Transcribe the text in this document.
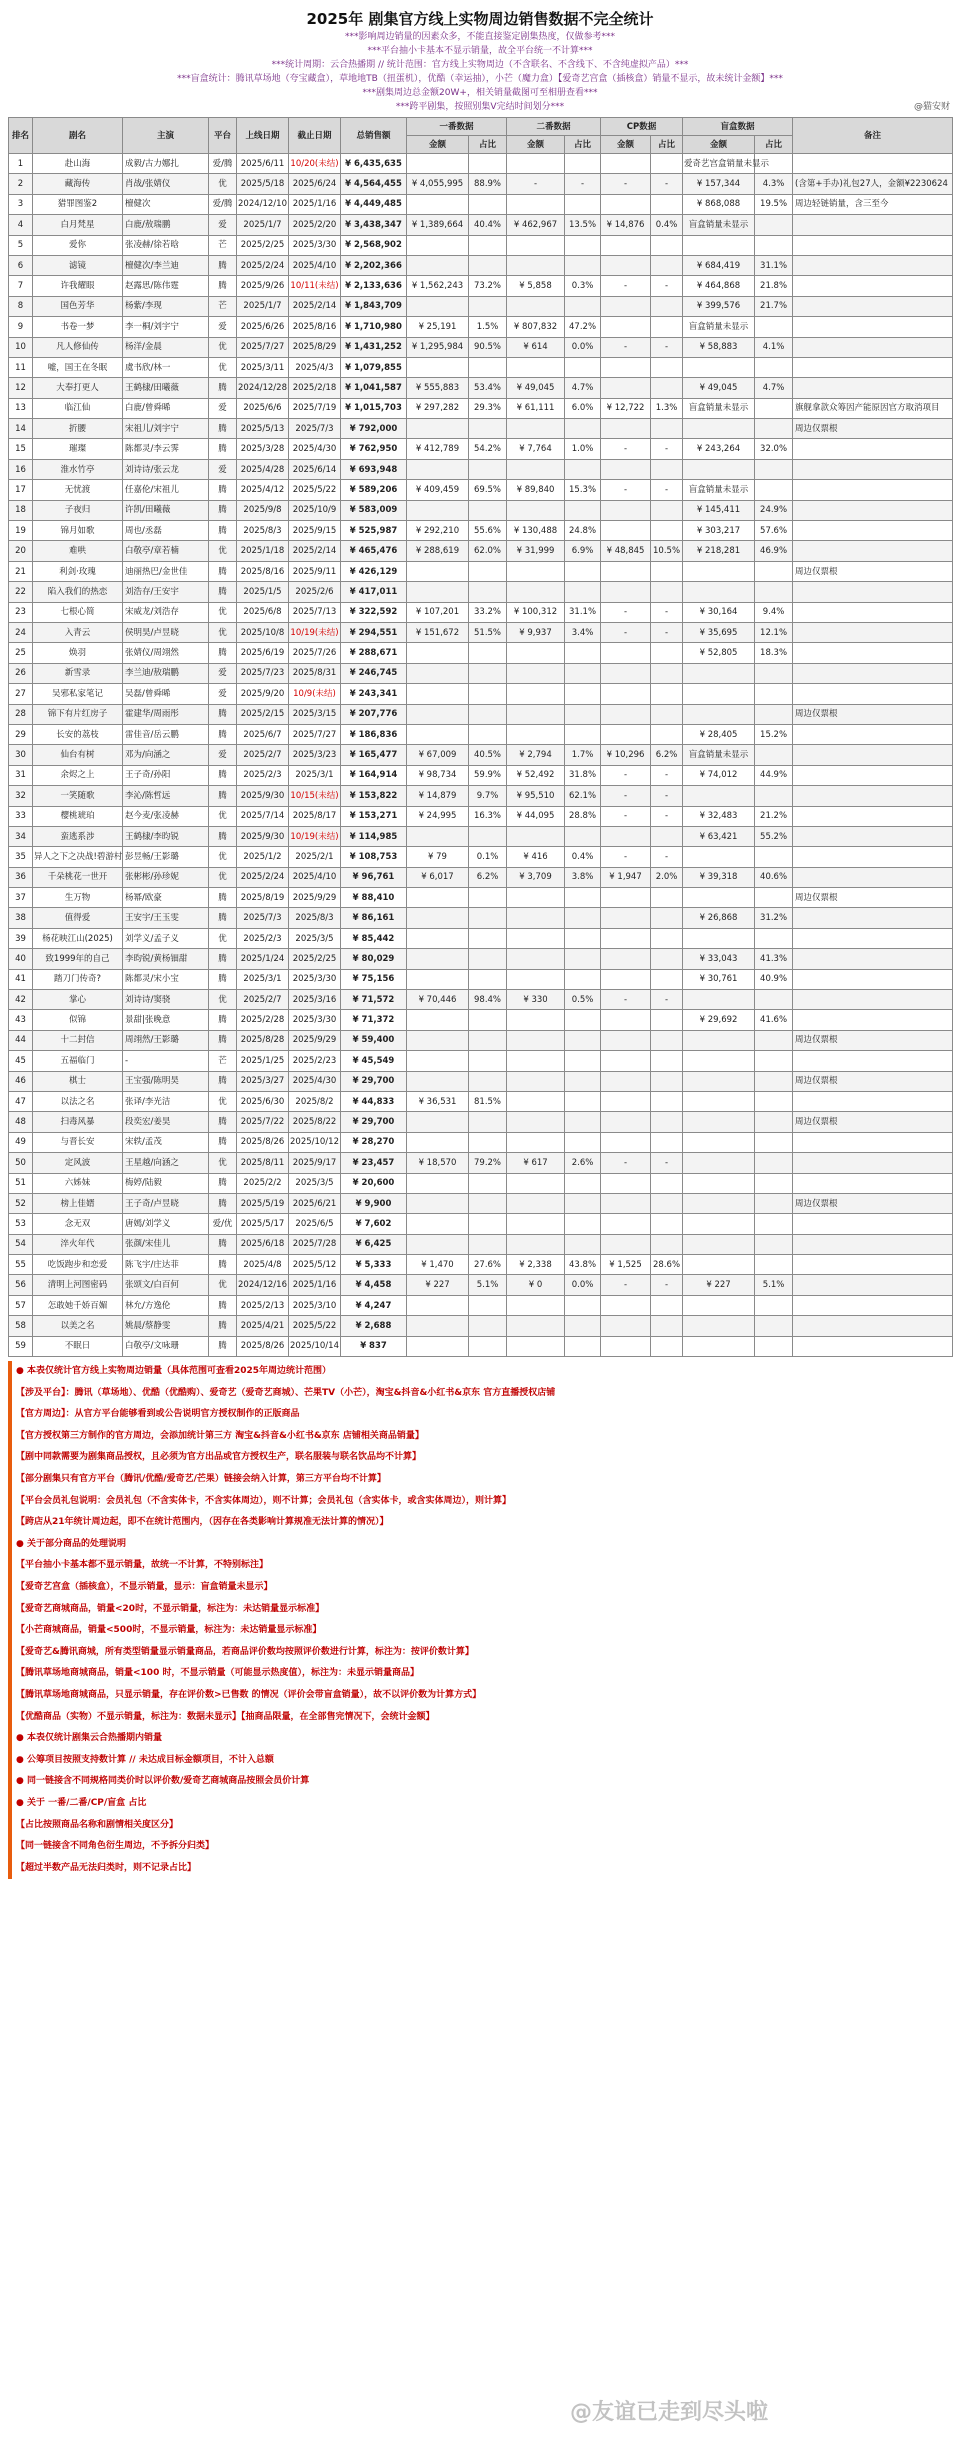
2025年 剧集官方线上实物周边销售数据不完全统计
***影响周边销量的因素众多，不能直接鉴定剧集热度，仅做参考***
***平台抽小卡基本不显示销量，故全平台统一不计算***
***统计周期：云合热播期 // 统计范围：官方线上实物周边（不含联名、不含线下、不含纯虚拟产品）***
***盲盒统计：腾讯草场地（夸宝藏盒），草地地TB（扭蛋机），优酷（幸运抽），小芒（魔力盒）【爱奇艺宫盒（插核盒）销量不显示，故未统计金额】***
***剧集周边总金额20W+，相关销量截图可至相册查看***
***跨平剧集，按照别集V完结时间划分***	@猫安财
排名	剧名	主演	平台	上线日期	截止日期	总销售额	一番数据		二番数据		CP数据		盲盒数据		备注
							金额	占比	金额	占比	金额	占比	金额	占比	
1	赴山海	成毅/古力娜扎	爱/腾	2025/6/11	10/20(未结)	¥ 6,435,635							爱奇艺宫盒销量未显示		
2	藏海传	肖战/张婧仪	优	2025/5/18	2025/6/24	¥ 4,564,455	¥ 4,055,995	88.9%	-	-	-	-	¥ 157,344	4.3%	(含第+手办)礼包27人，金额¥2230624
3	猎罪图鉴2	檀健次	爱/腾	2024/12/10	2025/1/16	¥ 4,449,485							¥ 868,088	19.5%	周边轻链销量，含三至今
4	白月梵星	白鹿/敖瑞鹏	爱	2025/1/7	2025/2/20	¥ 3,438,347	¥ 1,389,664	40.4%	¥ 462,967	13.5%	¥ 14,876	0.4%	盲盒销量未显示		
5	爱你	张凌赫/徐若晗	芒	2025/2/25	2025/3/30	¥ 2,568,902									
6	滤镜	檀健次/李兰迪	腾	2025/2/24	2025/4/10	¥ 2,202,366							¥ 684,419	31.1%	
7	许我耀眼	赵露思/陈伟霆	腾	2025/9/26	10/11(未结)	¥ 2,133,636	¥ 1,562,243	73.2%	¥ 5,858	0.3%	-	-	¥ 464,868	21.8%	
8	国色芳华	杨紫/李现	芒	2025/1/7	2025/2/14	¥ 1,843,709							¥ 399,576	21.7%	
9	书卷一梦	李一桐/刘宇宁	爱	2025/6/26	2025/8/16	¥ 1,710,980	¥ 25,191	1.5%	¥ 807,832	47.2%			盲盒销量未显示		
10	凡人修仙传	杨洋/金晨	优	2025/7/27	2025/8/29	¥ 1,431,252	¥ 1,295,984	90.5%	¥ 614	0.0%	-	-	¥ 58,883	4.1%	
11	嘘，国王在冬眠	虞书欣/林一	优	2025/3/11	2025/4/3	¥ 1,079,855									
12	大奉打更人	王鹤棣/田曦薇	腾	2024/12/28	2025/2/18	¥ 1,041,587	¥ 555,883	53.4%	¥ 49,045	4.7%			¥ 49,045	4.7%	
13	临江仙	白鹿/曾舜晞	爱	2025/6/6	2025/7/19	¥ 1,015,703	¥ 297,282	29.3%	¥ 61,111	6.0%	¥ 12,722	1.3%	盲盒销量未显示		旗舰拿款众筹因产能原因官方取消项目
14	折腰	宋祖儿/刘宇宁	腾	2025/5/13	2025/7/3	¥ 792,000									周边仅票根
15	璀璨	陈都灵/李云霁	腾	2025/3/28	2025/4/30	¥ 762,950	¥ 412,789	54.2%	¥ 7,764	1.0%	-	-	¥ 243,264	32.0%	
16	淮水竹亭	刘诗诗/张云龙	爱	2025/4/28	2025/6/14	¥ 693,948									
17	无忧渡	任嘉伦/宋祖儿	腾	2025/4/12	2025/5/22	¥ 589,206	¥ 409,459	69.5%	¥ 89,840	15.3%	-	-	盲盒销量未显示		
18	子夜归	许凯/田曦薇	腾	2025/9/8	2025/10/9	¥ 583,009							¥ 145,411	24.9%	
19	锦月如歌	周也/丞磊	腾	2025/8/3	2025/9/15	¥ 525,987	¥ 292,210	55.6%	¥ 130,488	24.8%			¥ 303,217	57.6%	
20	难哄	白敬亭/章若楠	优	2025/1/18	2025/2/14	¥ 465,476	¥ 288,619	62.0%	¥ 31,999	6.9%	¥ 48,845	10.5%	¥ 218,281	46.9%	
21	利剑·玫瑰	迪丽热巴/金世佳	腾	2025/8/16	2025/9/11	¥ 426,129									周边仅票根
22	陷入我们的热恋	刘浩存/王安宇	腾	2025/1/5	2025/2/6	¥ 417,011									
23	七根心简	宋威龙/刘浩存	优	2025/6/8	2025/7/13	¥ 322,592	¥ 107,201	33.2%	¥ 100,312	31.1%	-	-	¥ 30,164	9.4%	
24	入青云	侯明昊/卢昱晓	优	2025/10/8	10/19(未结)	¥ 294,551	¥ 151,672	51.5%	¥ 9,937	3.4%	-	-	¥ 35,695	12.1%	
25	焕羽	张婧仪/周翊然	腾	2025/6/19	2025/7/26	¥ 288,671							¥ 52,805	18.3%	
26	新雪录	李兰迪/敖瑞鹏	爱	2025/7/23	2025/8/31	¥ 246,745									
27	吴邪私家笔记	吴磊/曾舜晞	爱	2025/9/20	10/9(未结)	¥ 243,341									
28	锦下有片红房子	霍建华/周雨彤	腾	2025/2/15	2025/3/15	¥ 207,776									周边仅票根
29	长安的荔枝	雷佳音/岳云鹏	腾	2025/6/7	2025/7/27	¥ 186,836							¥ 28,405	15.2%	
30	仙台有树	邓为/向涵之	爱	2025/2/7	2025/3/23	¥ 165,477	¥ 67,009	40.5%	¥ 2,794	1.7%	¥ 10,296	6.2%	盲盒销量未显示		
31	余烬之上	王子奇/孙阳	腾	2025/2/3	2025/3/1	¥ 164,914	¥ 98,734	59.9%	¥ 52,492	31.8%	-	-	¥ 74,012	44.9%	
32	一笑随歌	李沁/陈哲远	腾	2025/9/30	10/15(未结)	¥ 153,822	¥ 14,879	9.7%	¥ 95,510	62.1%	-	-			
33	樱桃琥珀	赵今麦/张凌赫	优	2025/7/14	2025/8/17	¥ 153,271	¥ 24,995	16.3%	¥ 44,095	28.8%	-	-	¥ 32,483	21.2%	
34	蛮逃系涉	王鹤棣/李昀锐	腾	2025/9/30	10/19(未结)	¥ 114,985							¥ 63,421	55.2%	
35	异人之下之决战!碧游村	彭昱畅/王影璐	优	2025/1/2	2025/2/1	¥ 108,753	¥ 79	0.1%	¥ 416	0.4%	-	-			
36	千朵桃花一世开	张彬彬/孙珍妮	优	2025/2/24	2025/4/10	¥ 96,761	¥ 6,017	6.2%	¥ 3,709	3.8%	¥ 1,947	2.0%	¥ 39,318	40.6%	
37	生万物	杨幂/欧豪	腾	2025/8/19	2025/9/29	¥ 88,410									周边仅票根
38	值得爱	王安宇/王玉雯	腾	2025/7/3	2025/8/3	¥ 86,161							¥ 26,868	31.2%	
39	杨花映江山(2025)	刘学义/孟子义	优	2025/2/3	2025/3/5	¥ 85,442									
40	致1999年的自己	李昀锐/黄杨钿甜	腾	2025/1/24	2025/2/25	¥ 80,029							¥ 33,043	41.3%	
41	踏刀门传奇?	陈都灵/宋小宝	腾	2025/3/1	2025/3/30	¥ 75,156							¥ 30,761	40.9%	
42	掌心	刘诗诗/窦骁	优	2025/2/7	2025/3/16	¥ 71,572	¥ 70,446	98.4%	¥ 330	0.5%	-	-			
43	似锦	景甜|张晚意	腾	2025/2/28	2025/3/30	¥ 71,372							¥ 29,692	41.6%	
44	十二封信	周翊然/王影璐	腾	2025/8/28	2025/9/29	¥ 59,400									周边仅票根
45	五福临门	-	芒	2025/1/25	2025/2/23	¥ 45,549									
46	棋士	王宝强/陈明昊	腾	2025/3/27	2025/4/30	¥ 29,700									周边仅票根
47	以法之名	张译/李光洁	优	2025/6/30	2025/8/2	¥ 44,833	¥ 36,531	81.5%							
48	扫毒风暴	段奕宏/姜昊	腾	2025/7/22	2025/8/22	¥ 29,700									周边仅票根
49	与晋长安	宋轶/孟茂	腾	2025/8/26	2025/10/12	¥ 28,270									
50	定风波	王星越/向涵之	优	2025/8/11	2025/9/17	¥ 23,457	¥ 18,570	79.2%	¥ 617	2.6%	-	-			
51	六姊妹	梅婷/陆毅	腾	2025/2/2	2025/3/5	¥ 20,600									
52	榜上佳婿	王子奇/卢昱晓	腾	2025/5/19	2025/6/21	¥ 9,900									周边仅票根
53	念无双	唐嫣/刘学义	爱/优	2025/5/17	2025/6/5	¥ 7,602									
54	淬火年代	张颜/宋佳儿	腾	2025/6/18	2025/7/28	¥ 6,425									
55	吃饭跑步和恋爱	陈飞宇/庄达菲	腾	2025/4/8	2025/5/12	¥ 5,333	¥ 1,470	27.6%	¥ 2,338	43.8%	¥ 1,525	28.6%			
56	清明上河图密码	张颂文/白百何	优	2024/12/16	2025/1/16	¥ 4,458	¥ 227	5.1%	¥ 0	0.0%	-	-	¥ 227	5.1%	
57	怎敢她千娇百媚	林允/方逸伦	腾	2025/2/13	2025/3/10	¥ 4,247									
58	以美之名	姚晨/蔡静雯	腾	2025/4/21	2025/5/22	¥ 2,688									
59	不眠日	白敬亭/文咏珊	腾	2025/8/26	2025/10/14	¥ 837									
● 本表仅统计官方线上实物周边销量（具体范围可查看2025年周边统计范围）
【涉及平台】：腾讯（草场地）、优酷（优酷购）、爱奇艺（爱奇艺商城）、芒果TV（小芒），淘宝&抖音&小红书&京东 官方直播授权店铺
【官方周边】：从官方平台能够看到或公告说明官方授权制作的正版商品
【官方授权第三方制作的官方周边，会添加统计第三方 淘宝&抖音&小红书&京东 店铺相关商品销量】
【剧中同款需要为剧集商品授权，且必须为官方出品或官方授权生产，联名服装与联名饮品均不计算】
【部分剧集只有官方平台（腾讯/优酷/爱奇艺/芒果）链接会纳入计算，第三方平台均不计算】
【平台会员礼包说明：会员礼包（不含实体卡，不含实体周边），则不计算；会员礼包（含实体卡，或含实体周边），则计算】
【跨店从21年统计周边起，即不在统计范围内，（因存在各类影响计算规准无法计算的情况）】
● 关于部分商品的处理说明
【平台抽小卡基本都不显示销量，故统一不计算，不特别标注】
【爱奇艺宫盒（插核盒），不显示销量，显示：盲盒销量未显示】
【爱奇艺商城商品，销量<20时，不显示销量，标注为：未达销量显示标准】
【小芒商城商品，销量<500时，不显示销量，标注为：未达销量显示标准】
【爱奇艺&腾讯商城，所有类型销量显示销量商品，若商品评价数均按照评价数进行计算，标注为：按评价数计算】
【腾讯草场地商城商品，销量<100 时，不显示销量（可能显示热度值），标注为：未显示销量商品】
【腾讯草场地商城商品，只显示销量，存在评价数>已售数 的情况（评价会带盲盒销量），故不以评价数为计算方式】
【优酷商品（实物）不显示销量，标注为：数据未显示】【抽商品限量，在全部售完情况下，会统计金额】
● 本表仅统计剧集云合热播期内销量
● 公筹项目按照支持数计算 // 未达成目标金额项目，不计入总额
● 同一链接含不同规格同类价时以评价数/爱奇艺商城商品按照会员价计算
● 关于 一番/二番/CP/盲盒 占比
【占比按照商品名称和剧情相关度区分】
【同一链接含不同角色衍生周边，不予拆分归类】
【超过半数产品无法归类时，则不记录占比】
@友谊已走到尽头啦
